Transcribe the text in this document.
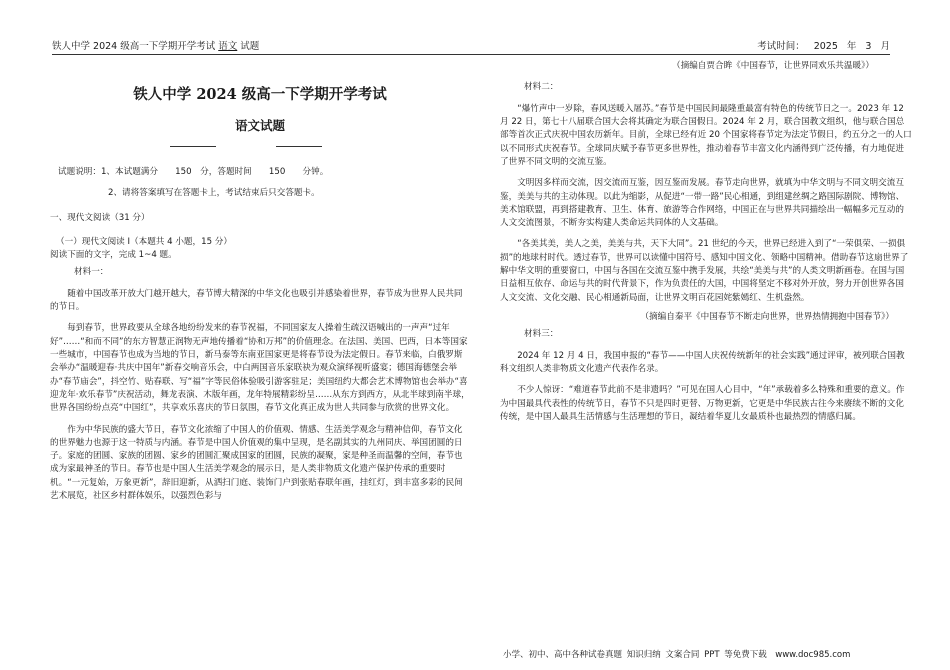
铁人中学 2024 级高一下学期开学考试 语文 试题	考试时间： 2025 年 3 月

铁人中学 2024 级高一下学期开学考试

语文试题

试题说明：1、本试题满分　　150　分，答题时间　　150　　分钟。

2、请将答案填写在答题卡上，考试结束后只交答题卡。

一、现代文阅读（31 分）

（一）现代文阅读 I（本题共 4 小题，15 分）

阅读下面的文字，完成 1~4 题。

材料一：

随着中国改革开放大门越开越大，春节博大精深的中华文化也吸引并感染着世界，春节成为世界人民共同的节日。

每到春节，世界政要从全球各地纷纷发来的春节祝福，不同国家友人操着生疏汉语喊出的一声声“过年好”……“和而不同”的东方智慧正润物无声地传播着“协和万邦”的价值理念。在法国、美国、巴西，日本等国家一些城市，中国春节也成为当地的节日，新马泰等东南亚国家更是将春节设为法定假日。春节来临，白俄罗斯会举办“温暖迎春·共庆中国年”新春交响音乐会，中白两国音乐家联袂为观众演绎视听盛宴；德国海德堡会举办“春节庙会”，抖空竹、贴春联、写“福”字等民俗体验吸引游客驻足；美国纽约大都会艺术博物馆也会举办“喜迎龙年·欢乐春节”庆祝活动，舞龙表演、木版年画，龙年特展精彩纷呈……从东方到西方，从北半球到南半球，世界各国纷纷点亮“中国红”，共享欢乐喜庆的节日氛围，春节文化真正成为世人共同参与欣赏的世界文化。

作为中华民族的盛大节日，春节文化浓缩了中国人的价值观、情感、生活美学观念与精神信仰，春节文化的世界魅力也源于这一特质与内涵。春节是中国人价值观的集中呈现，是名副其实的九州同庆、举国团圆的日子。家庭的团圆、家族的团圆、家乡的团圆汇聚成国家的团圆，民族的凝聚，家是种圣而温馨的空间，春节也成为家最神圣的节日。春节也是中国人生活美学观念的展示日，是人类非物质文化遗产保护传承的重要时机。“一元复始，万象更新”，辞旧迎新，从洒扫门庭、装饰门户到张贴春联年画，挂红灯，到丰富多彩的民间艺术展览，社区乡村群体娱乐，以强烈色彩与

（摘编自贾合眸《中国春节，让世界同欢乐共温暖》）

材料二：

“爆竹声中一岁除，春风送暖入屠苏。”春节是中国民间最隆重最富有特色的传统节日之一。2023 年 12 月 22 日，第七十八届联合国大会将其确定为联合国假日。2024 年 2 月，联合国教文组织，他与联合国总部等首次正式庆祝中国农历新年。目前，全球已经有近 20 个国家将春节定为法定节假日，约五分之一的人口以不同形式庆祝春节。全球同庆赋予春节更多世界性，推动着春节丰富文化内涵得到广泛传播，有力地促进了世界不同文明的交流互鉴。

文明因多样而交流，因交流而互鉴，因互鉴而发展。春节走向世界，就填为中华文明与不同文明交流互鉴，美美与共的主动体现。以此为缩影，从促进“一带一路”民心相通，到组建丝绸之路国际剧院、博物馆、美术馆联盟，再到搭建教育、卫生、体育、旅游等合作网络，中国正在与世界共同描绘出一幅幅多元互动的人文交流图景，不断夯实构建人类命运共同体的人文基础。

“各美其美，美人之美，美美与共，天下大同”。21 世纪的今天，世界已经进入到了“一荣俱荣、一损俱损”的地球村时代。透过春节，世界可以读懂中国符号、感知中国文化、领略中国精神。借助春节这扇世界了解中华文明的重要窗口，中国与各国在交流互鉴中携手发展，共绘“美美与共”的人类文明新画卷。在国与国日益相互依存、命运与共的时代背景下，作为负责任的大国，中国将坚定不移对外开放，努力开创世界各国人文交流、文化交融、民心相通新局面，让世界文明百花园姹紫嫣红、生机盎然。

（摘编自秦平《中国春节不断走向世界，世界热情拥抱中国春节》）

材料三：

2024 年 12 月 4 日，我国申报的“春节——中国人庆祝传统新年的社会实践”通过评审，被列联合国教科文组织人类非物质文化遗产代表作名录。

不少人惊讶：“难道春节此前不是非遗吗？”可见在国人心目中，“年”承载着多么特殊和重要的意义。作为中国最具代表性的传统节日，春节不只是四时更替、万物更新，它更是中华民族古往今来赓续不断的文化传统，是中国人最具生活情感与生活理想的节日，凝结着华夏儿女最质朴也最热烈的情感归属。

小学、初中、高中各种试卷真题 知识归纳 文案合同 PPT 等免费下载　www.doc985.com
